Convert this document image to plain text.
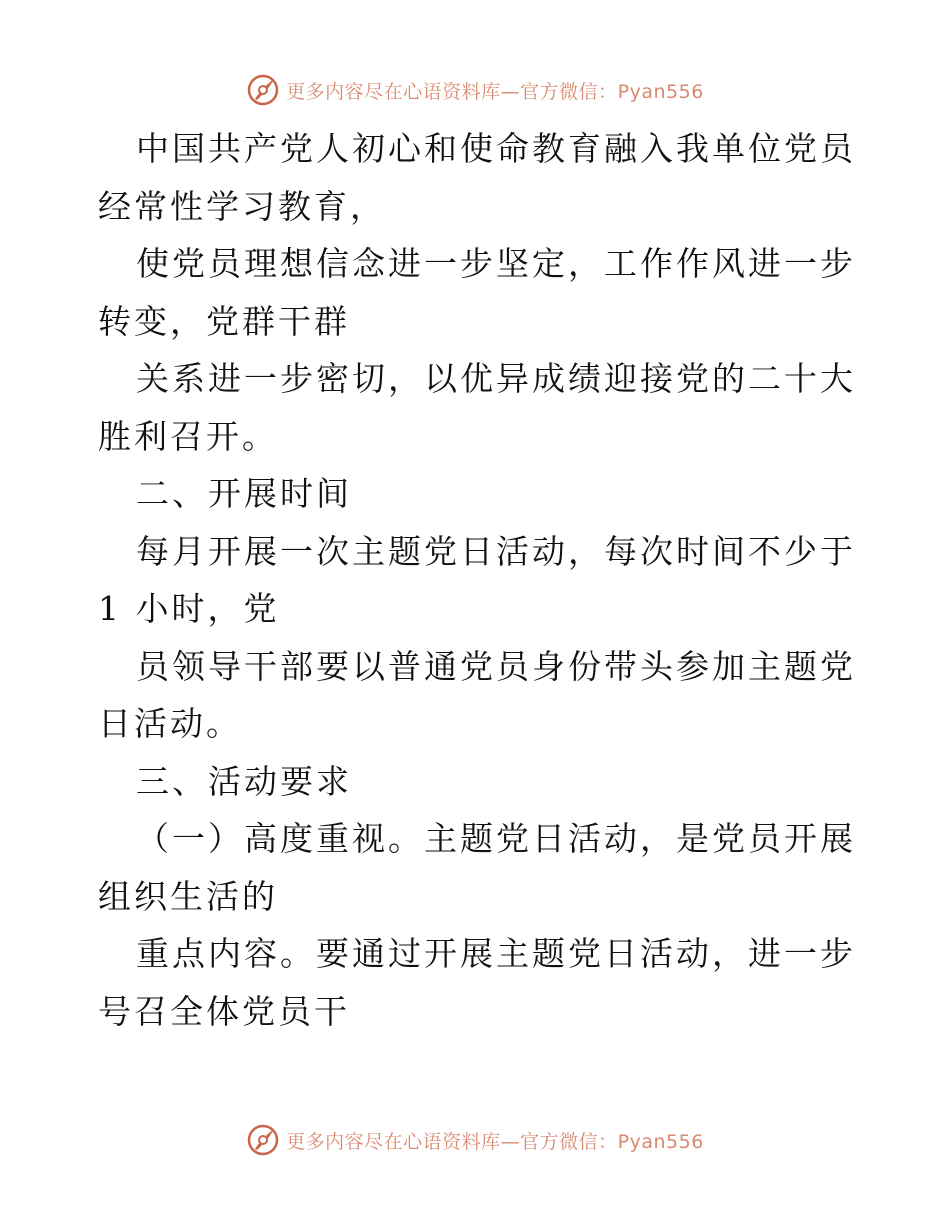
更多内容尽在心语资料库—官方微信：Pyan556

中国共产党人初心和使命教育融入我单位党员经常性学习教育，

使党员理想信念进一步坚定，工作作风进一步转变，党群干群

关系进一步密切，以优异成绩迎接党的二十大胜利召开。

二、开展时间

每月开展一次主题党日活动，每次时间不少于 1 小时，党

员领导干部要以普通党员身份带头参加主题党日活动。

三、活动要求

（一）高度重视。主题党日活动，是党员开展组织生活的

重点内容。要通过开展主题党日活动，进一步号召全体党员干

更多内容尽在心语资料库—官方微信：Pyan556
